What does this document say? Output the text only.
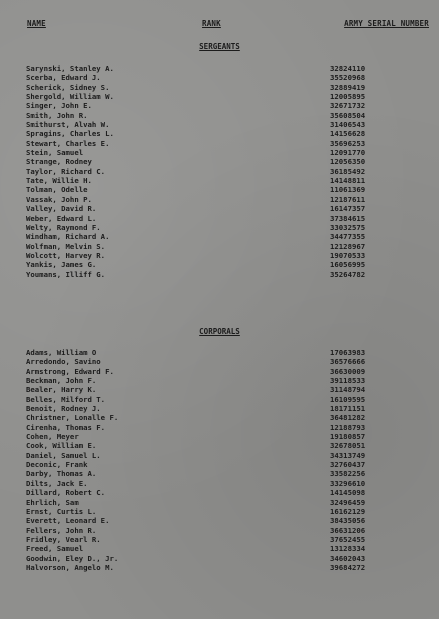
NAME	RANK	ARMY SERIAL NUMBER
SERGEANTS
Sarynski, Stanley A.	32824110
Scerba, Edward J.	35520968
Scherick, Sidney S.	32889419
Shergold, William W.	12005895
Singer, John E.	32671732
Smith, John R.	35608504
Smithurst, Alvah W.	31406543
Spragins, Charles L.	14156628
Stewart, Charles E.	35696253
Stein, Samuel	12091770
Strange, Rodney	12056350
Taylor, Richard C.	36185492
Tate, Willie H.	14148811
Tolman, Odelle	11061369
Vassak, John P.	12187611
Valley, David R.	16147357
Weber, Edward L.	37384615
Welty, Raymond F.	33032575
Windham, Richard A.	34477355
Wolfman, Melvin S.	12128967
Wolcott, Harvey R.	19070533
Yankis, James G.	16056995
Youmans, Illiff G.	35264782
CORPORALS
Adams, William O	17063983
Arredondo, Savino	36576666
Armstrong, Edward F.	36630009
Beckman, John F.	39118533
Bealer, Harry K.	31148794
Belles, Milford T.	16109595
Benoit, Rodney J.	18171151
Christner, Lonalle F.	36481282
Cirenha, Thomas F.	12188793
Cohen, Meyer	19180857
Cook, William E.	32678051
Daniel, Samuel L.	34313749
Deconic, Frank	32760437
Darby, Thomas A.	33582256
Dilts, Jack E.	33296610
Dillard, Robert C.	14145098
Ehrlich, Sam	32496459
Ernst, Curtis L.	16162129
Everett, Leonard E.	38435056
Fellers, John R.	36631206
Fridley, Vearl R.	37652455
Freed, Samuel	13128334
Goodwin, Eley D., Jr.	34602043
Halvorson, Angelo M.	39684272
